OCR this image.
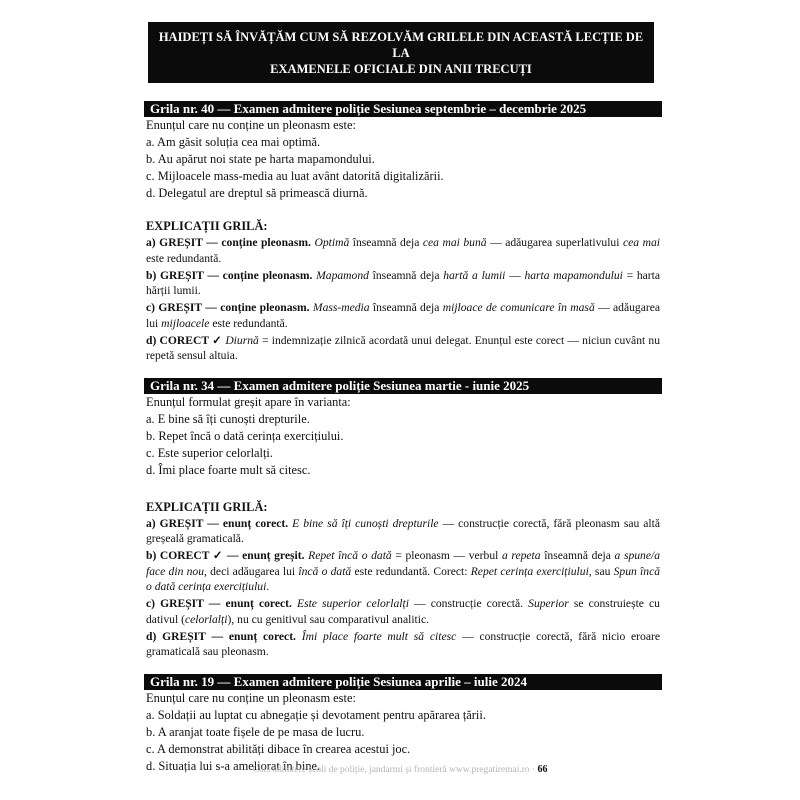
HAIDEȚI SĂ ÎNVĂȚĂM CUM SĂ REZOLVĂM GRILELE DIN ACEASTĂ LECȚIE DE LA
EXAMENELE OFICIALE DIN ANII TRECUȚI
Grila nr. 40 — Examen admitere poliție Sesiunea septembrie – decembrie 2025
Enunțul care nu conține un pleonasm este:
a. Am găsit soluția cea mai optimă.
b. Au apărut noi state pe harta mapamondului.
c. Mijloacele mass-media au luat avânt datorită digitalizării.
d. Delegatul are dreptul să primească diurnă.
EXPLICAȚII GRILĂ:
a) GREȘIT — conține pleonasm. Optimă înseamnă deja cea mai bună — adăugarea superlativului cea mai este redundantă.
b) GREȘIT — conține pleonasm. Mapamond înseamnă deja hartă a lumii — harta mapamondului = harta hărții lumii.
c) GREȘIT — conține pleonasm. Mass-media înseamnă deja mijloace de comunicare în masă — adăugarea lui mijloacele este redundantă.
d) CORECT ✓ Diurnă = indemnizație zilnică acordată unui delegat. Enunțul este corect — niciun cuvânt nu repetă sensul altuia.
Grila nr. 34 — Examen admitere poliție Sesiunea martie - iunie 2025
Enunțul formulat greșit apare în varianta:
a. E bine să îți cunoști drepturile.
b. Repet încă o dată cerința exercițiului.
c. Este superior celorlalți.
d. Îmi place foarte mult să citesc.
EXPLICAȚII GRILĂ:
a) GREȘIT — enunț corect. E bine să îți cunoști drepturile — construcție corectă, fără pleonasm sau altă greșeală gramaticală.
b) CORECT ✓ — enunț greșit. Repet încă o dată = pleonasm — verbul a repeta înseamnă deja a spune/a face din nou, deci adăugarea lui încă o dată este redundantă. Corect: Repet cerința exercițiului, sau Spun încă o dată cerința exercițiului.
c) GREȘIT — enunț corect. Este superior celorlalți — construcție corectă. Superior se construiește cu dativul (celorlalți), nu cu genitivul sau comparativul analitic.
d) GREȘIT — enunț corect. Îmi place foarte mult să citesc — construcție corectă, fără nicio eroare gramaticală sau pleonasm.
Grila nr. 19 — Examen admitere poliție Sesiunea aprilie – iulie 2024
Enunțul care nu conține un pleonasm este:
a. Soldații au luptat cu abnegație și devotament pentru apărarea țării.
b. A aranjat toate fișele de pe masa de lucru.
c. A demonstrat abilități dibace în crearea acestui joc.
d. Situația lui s-a ameliorat în bine.
Curs admitere școli de poliție, jandarmi și frontieră www.pregatiremai.ro · 66
